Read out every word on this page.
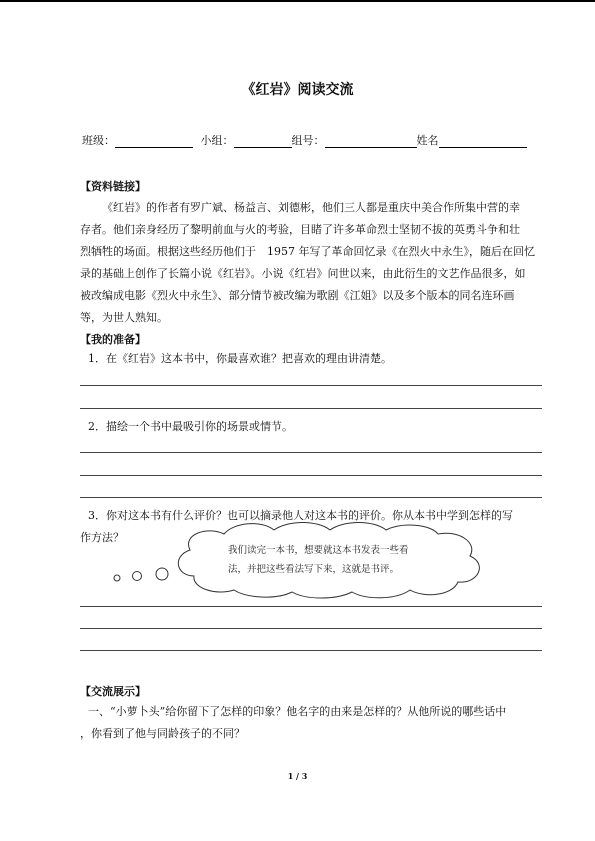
《红岩》阅读交流
班级：	小组：	组号：	姓名
【资料链接】
《红岩》的作者有罗广斌、杨益言、刘德彬，他们三人都是重庆中美合作所集中营的幸
存者。他们亲身经历了黎明前血与火的考验，目睹了许多革命烈士坚韧不拔的英勇斗争和壮
烈牺牲的场面。根据这些经历他们于　1957 年写了革命回忆录《在烈火中永生》，随后在回忆
录的基础上创作了长篇小说《红岩》。小说《红岩》问世以来，由此衍生的文艺作品很多，如
被改编成电影《烈火中永生》、部分情节被改编为歌剧《江姐》以及多个版本的同名连环画
等，为世人熟知。
【我的准备】
1．在《红岩》这本书中，你最喜欢谁？把喜欢的理由讲清楚。
2．描绘一个书中最吸引你的场景或情节。
3．你对这本书有什么评价？也可以摘录他人对这本书的评价。你从本书中学到怎样的写
作方法？
我们读完一本书，想要就这本书发表一些看
法，并把这些看法写下来，这就是书评。
【交流展示】
一、“小萝卜头”给你留下了怎样的印象？他名字的由来是怎样的？从他所说的哪些话中
，你看到了他与同龄孩子的不同？
1 / 3
